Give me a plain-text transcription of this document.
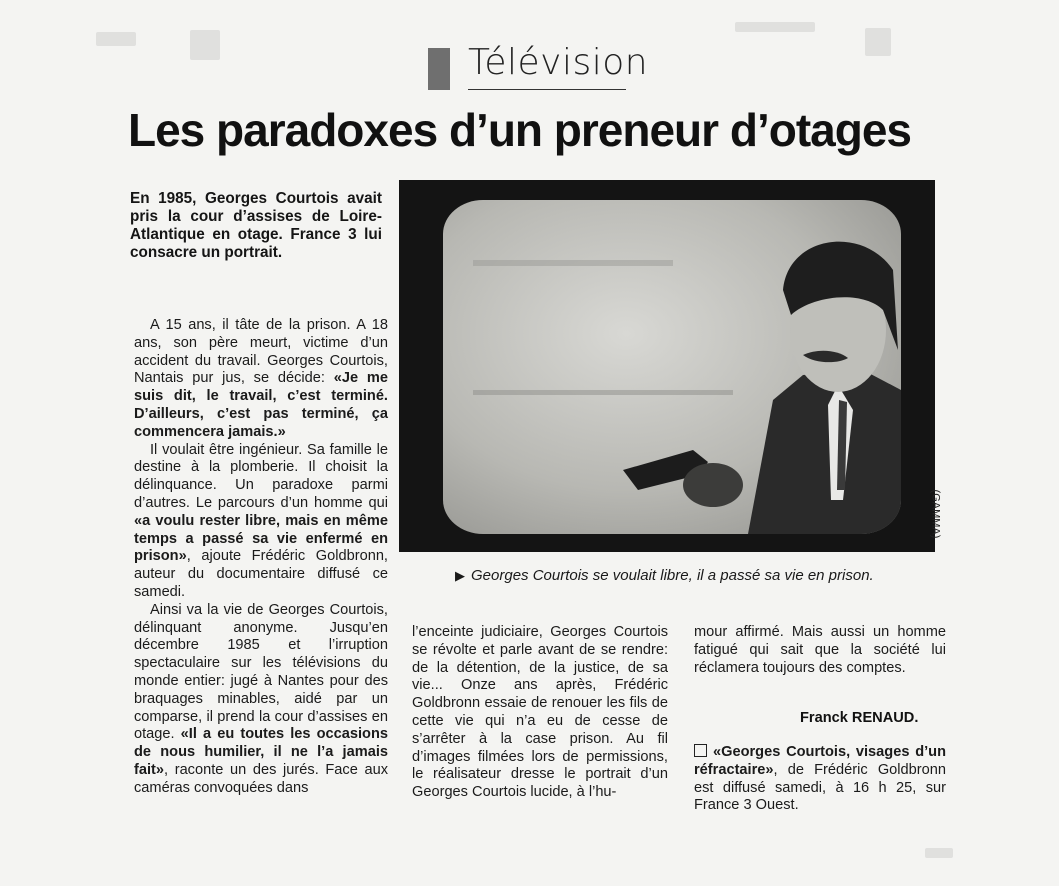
Télévision
Les paradoxes d’un preneur d’otages
En 1985, Georges Courtois avait pris la cour d’assises de Loire-Atlantique en otage. France 3 lui consacre un portrait.

A 15 ans, il tâte de la prison. A 18 ans, son père meurt, victime d’un accident du travail. Georges Courtois, Nantais pur jus, se décide: «Je me suis dit, le travail, c’est terminé. D’ailleurs, c’est pas terminé, ça commencera jamais.»

Il voulait être ingénieur. Sa famille le destine à la plomberie. Il choisit la délinquance. Un paradoxe parmi d’autres. Le parcours d’un homme qui «a voulu rester libre, mais en même temps a passé sa vie enfermé en prison», ajoute Frédéric Goldbronn, auteur du documentaire diffusé ce samedi.

Ainsi va la vie de Georges Courtois, délinquant anonyme. Jusqu’en décembre 1985 et l’irruption spectaculaire sur les télévisions du monde entier: jugé à Nantes pour des braquages minables, aidé par un comparse, il prend la cour d’assises en otage. «Il a eu toutes les occasions de nous humilier, il ne l’a jamais fait», raconte un des jurés. Face aux caméras convoquées dans

(GAMMA)
▶ Georges Courtois se voulait libre, il a passé sa vie en prison.

l’enceinte judiciaire, Georges Courtois se révolte et parle avant de se rendre: de la détention, de la justice, de sa vie... Onze ans après, Frédéric Goldbronn essaie de renouer les fils de cette vie qui n’a eu de cesse de s’arrêter à la case prison. Au fil d’images filmées lors de permissions, le réalisateur dresse le portrait d’un Georges Courtois lucide, à l’hu-

mour affirmé. Mais aussi un homme fatigué qui sait que la société lui réclamera toujours des comptes.

Franck RENAUD.

«Georges Courtois, visages d’un réfractaire», de Frédéric Goldbronn est diffusé samedi, à 16 h 25, sur France 3 Ouest.
